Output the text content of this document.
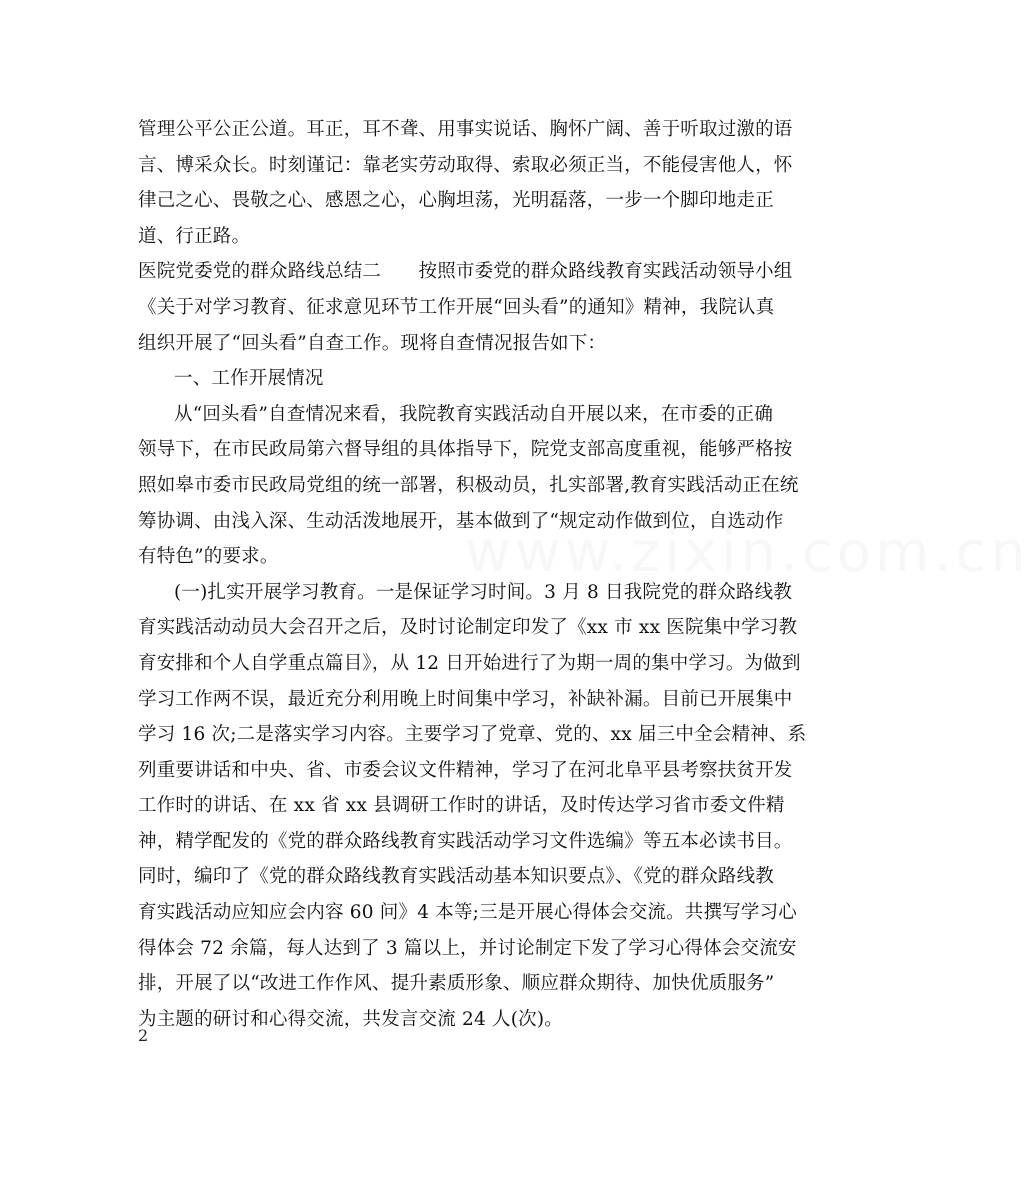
管理公平公正公道。耳正，耳不聋、用事实说话、胸怀广阔、善于听取过激的语
言、博采众长。时刻谨记：靠老实劳动取得、索取必须正当，不能侵害他人，怀
律己之心、畏敬之心、感恩之心，心胸坦荡，光明磊落，一步一个脚印地走正
道、行正路。
医院党委党的群众路线总结二　　按照市委党的群众路线教育实践活动领导小组
《关于对学习教育、征求意见环节工作开展“回头看”的通知》精神，我院认真
组织开展了“回头看”自查工作。现将自查情况报告如下：
一、工作开展情况
从“回头看”自查情况来看，我院教育实践活动自开展以来，在市委的正确
领导下，在市民政局第六督导组的具体指导下，院党支部高度重视，能够严格按
照如皋市委市民政局党组的统一部署，积极动员，扎实部署,教育实践活动正在统
筹协调、由浅入深、生动活泼地展开，基本做到了“规定动作做到位，自选动作
有特色”的要求。
(一)扎实开展学习教育。一是保证学习时间。3 月 8 日我院党的群众路线教
育实践活动动员大会召开之后，及时讨论制定印发了《xx 市 xx 医院集中学习教
育安排和个人自学重点篇目》，从 12 日开始进行了为期一周的集中学习。为做到
学习工作两不误，最近充分利用晚上时间集中学习，补缺补漏。目前已开展集中
学习 16 次;二是落实学习内容。主要学习了党章、党的、xx 届三中全会精神、系
列重要讲话和中央、省、市委会议文件精神，学习了在河北阜平县考察扶贫开发
工作时的讲话、在 xx 省 xx 县调研工作时的讲话，及时传达学习省市委文件精
神，精学配发的《党的群众路线教育实践活动学习文件选编》等五本必读书目。
同时，编印了《党的群众路线教育实践活动基本知识要点》、《党的群众路线教
育实践活动应知应会内容 60 问》4 本等;三是开展心得体会交流。共撰写学习心
得体会 72 余篇，每人达到了 3 篇以上，并讨论制定下发了学习心得体会交流安
排，开展了以“改进工作作风、提升素质形象、顺应群众期待、加快优质服务”
为主题的研讨和心得交流，共发言交流 24 人(次)。
www.zixin.com.cn
2
